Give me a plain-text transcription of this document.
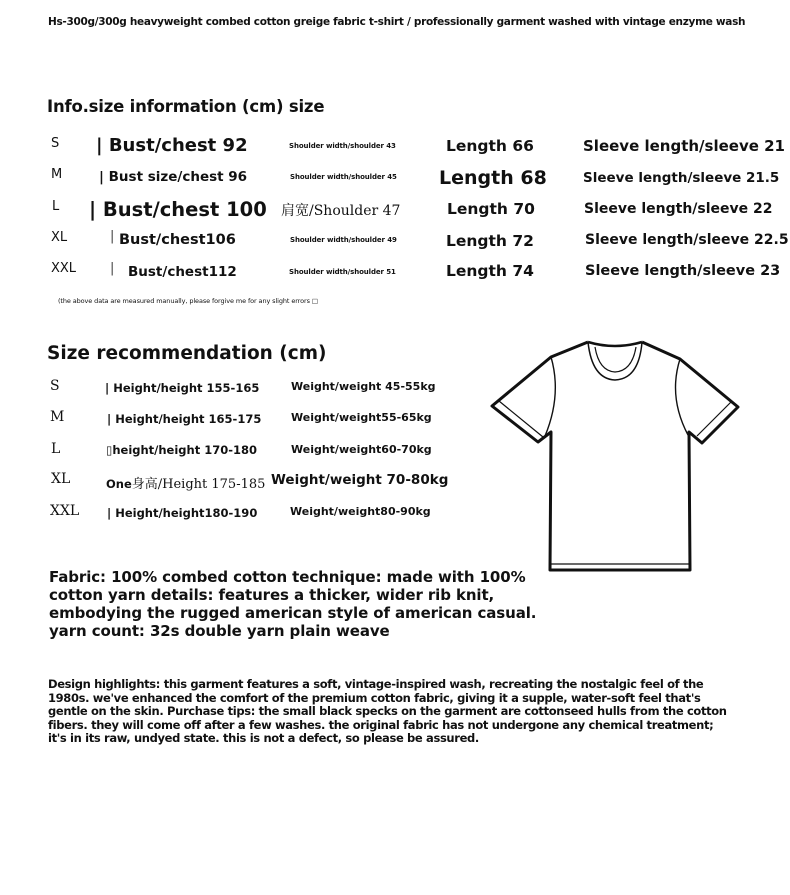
Hs-300g/300g heavyweight combed cotton greige fabric t-shirt / professionally garment washed with vintage enzyme wash
Info.size information (cm) size
S | Bust/chest 92	Shoulder width/shoulder 43	Length 66	Sleeve length/sleeve 21
M	| Bust size/chest 96	Shoulder width/shoulder 45 Length 68	Sleeve length/sleeve 21.5
L | Bust/chest 100 肩宽/Shoulder 47	Length 70	Sleeve length/sleeve 22
XL	| Bust/chest106	Shoulder width/shoulder 49	Length 72	Sleeve length/sleeve 22.5
XXL	| Bust/chest112	Shoulder width/shoulder 51	Length 74	Sleeve length/sleeve 23
(the above data are measured manually, please forgive me for any slight errors □
Size recommendation (cm)
S	| Height/height 155-165	Weight/weight 45-55kg
M	| Height/height 165-175	Weight/weight55-65kg
L	▯height/height 170-180	Weight/weight60-70kg
XL	One身高/Height 175-185 Weight/weight 70-80kg
XXL | Height/height180-190	Weight/weight80-90kg
Fabric: 100% combed cotton technique: made with 100%
cotton yarn details: features a thicker, wider rib knit,
embodying the rugged american style of american casual.
yarn count: 32s double yarn plain weave
Design highlights: this garment features a soft, vintage-inspired wash, recreating the nostalgic feel of the
1980s. we've enhanced the comfort of the premium cotton fabric, giving it a supple, water-soft feel that's
gentle on the skin. Purchase tips: the small black specks on the garment are cottonseed hulls from the cotton
fibers. they will come off after a few washes. the original fabric has not undergone any chemical treatment;
it's in its raw, undyed state. this is not a defect, so please be assured.
